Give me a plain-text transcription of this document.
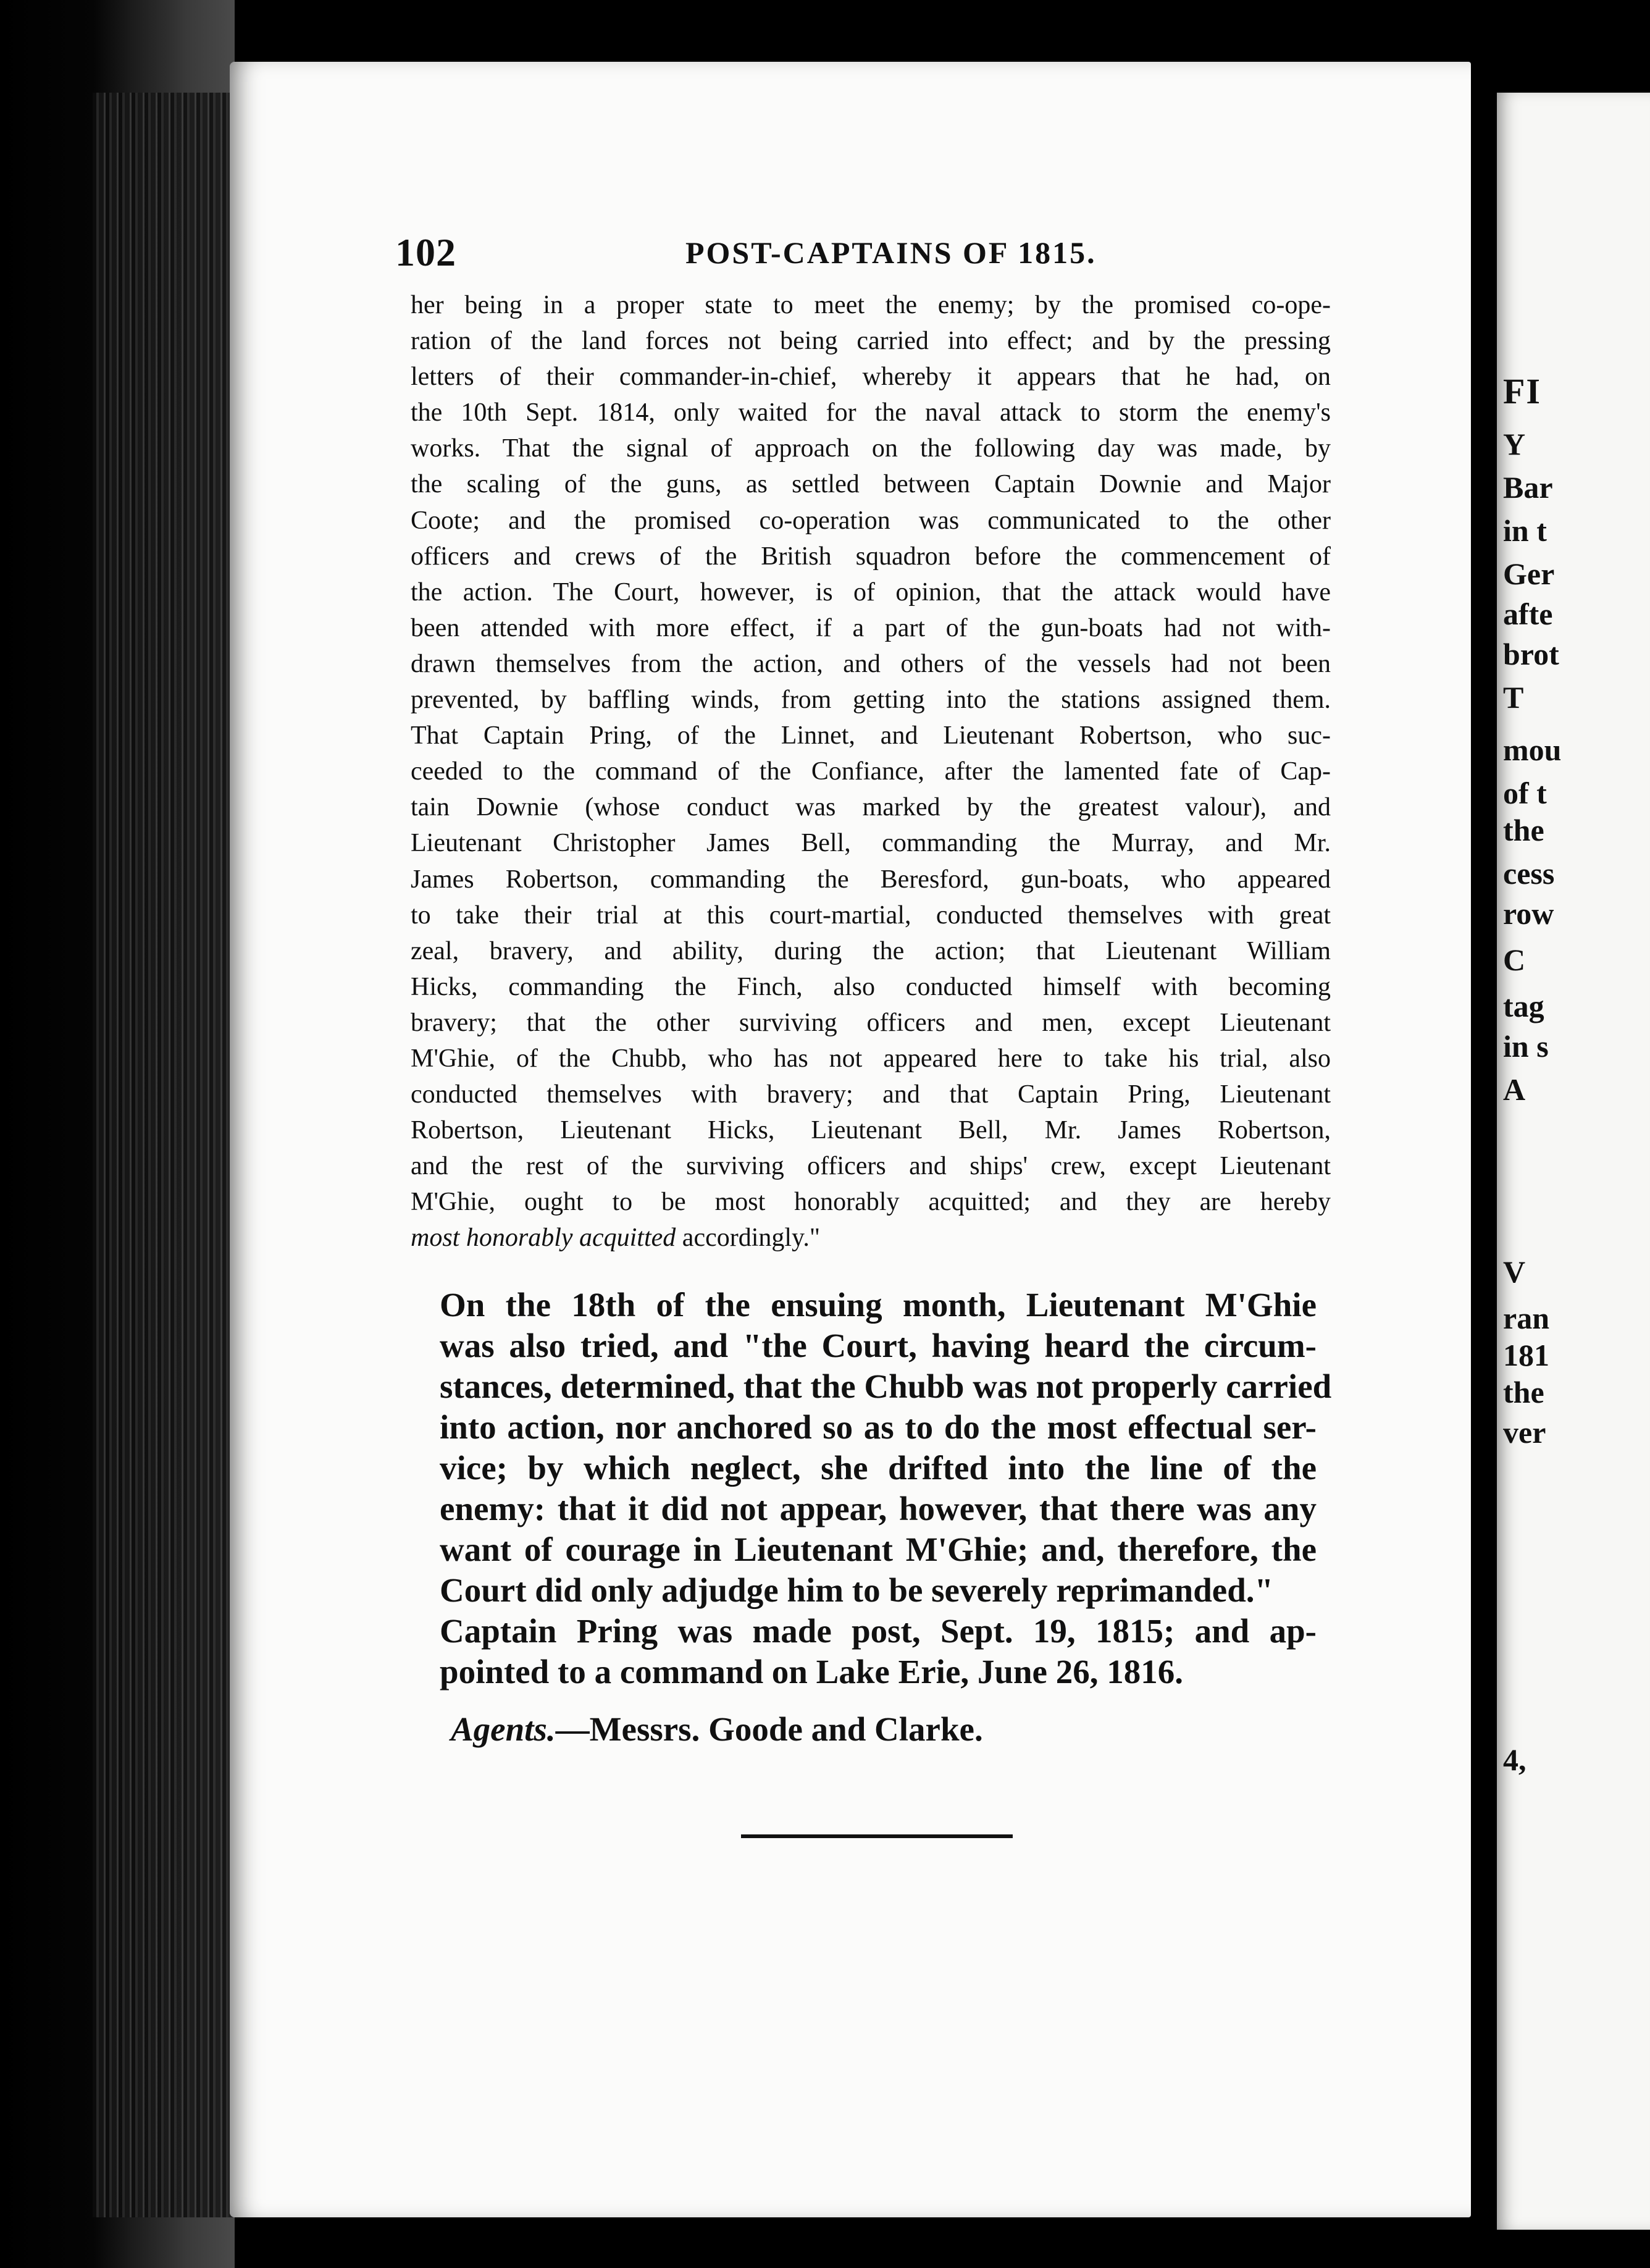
FI
Y
Bar
in t
Ger
afte
brot
T
mou
of t
the
cess
row
C
tag
in s
A
V
ran
181
the
ver
4,
102	POST-CAPTAINS OF 1815.
her being in a proper state to meet the enemy; by the promised co-ope-
ration of the land forces not being carried into effect; and by the pressing
letters of their commander-in-chief, whereby it appears that he had, on
the 10th Sept. 1814, only waited for the naval attack to storm the enemy's
works. That the signal of approach on the following day was made, by
the scaling of the guns, as settled between Captain Downie and Major
Coote; and the promised co-operation was communicated to the other
officers and crews of the British squadron before the commencement of
the action. The Court, however, is of opinion, that the attack would have
been attended with more effect, if a part of the gun-boats had not with-
drawn themselves from the action, and others of the vessels had not been
prevented, by baffling winds, from getting into the stations assigned them.
That Captain Pring, of the Linnet, and Lieutenant Robertson, who suc-
ceeded to the command of the Confiance, after the lamented fate of Cap-
tain Downie (whose conduct was marked by the greatest valour), and
Lieutenant Christopher James Bell, commanding the Murray, and Mr.
James Robertson, commanding the Beresford, gun-boats, who appeared
to take their trial at this court-martial, conducted themselves with great
zeal, bravery, and ability, during the action; that Lieutenant William
Hicks, commanding the Finch, also conducted himself with becoming
bravery; that the other surviving officers and men, except Lieutenant
M'Ghie, of the Chubb, who has not appeared here to take his trial, also
conducted themselves with bravery; and that Captain Pring, Lieutenant
Robertson, Lieutenant Hicks, Lieutenant Bell, Mr. James Robertson,
and the rest of the surviving officers and ships' crew, except Lieutenant
M'Ghie, ought to be most honorably acquitted; and they are hereby
most honorably acquitted accordingly."
On the 18th of the ensuing month, Lieutenant M'Ghie
was also tried, and "the Court, having heard the circum-
stances, determined, that the Chubb was not properly carried
into action, nor anchored so as to do the most effectual ser-
vice; by which neglect, she drifted into the line of the
enemy: that it did not appear, however, that there was any
want of courage in Lieutenant M'Ghie; and, therefore, the
Court did only adjudge him to be severely reprimanded."
Captain Pring was made post, Sept. 19, 1815; and ap-
pointed to a command on Lake Erie, June 26, 1816.
Agents.—Messrs. Goode and Clarke.
